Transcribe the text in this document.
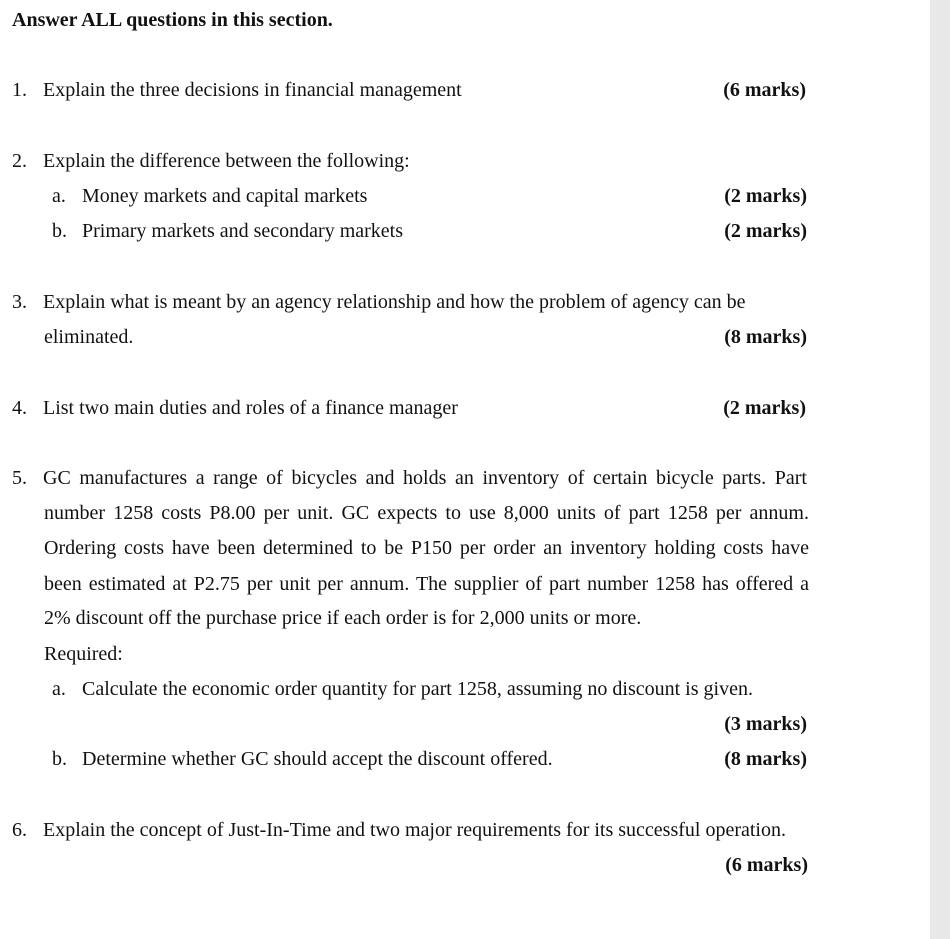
Answer ALL questions in this section.
1. Explain the three decisions in financial management	(6 marks)
2. Explain the difference between the following:
a. Money markets and capital markets	(2 marks)
b. Primary markets and secondary markets	(2 marks)
3. Explain what is meant by an agency relationship and how the problem of agency can be
eliminated.	(8 marks)
4. List two main duties and roles of a finance manager	(2 marks)
5. GC manufactures a range of bicycles and holds an inventory of certain bicycle parts. Part
number 1258 costs P8.00 per unit. GC expects to use 8,000 units of part 1258 per annum.
Ordering costs have been determined to be P150 per order an inventory holding costs have
been estimated at P2.75 per unit per annum. The supplier of part number 1258 has offered a
2% discount off the purchase price if each order is for 2,000 units or more.
Required:
a. Calculate the economic order quantity for part 1258, assuming no discount is given.
(3 marks)
b. Determine whether GC should accept the discount offered.	(8 marks)
6. Explain the concept of Just-In-Time and two major requirements for its successful operation.
(6 marks)
